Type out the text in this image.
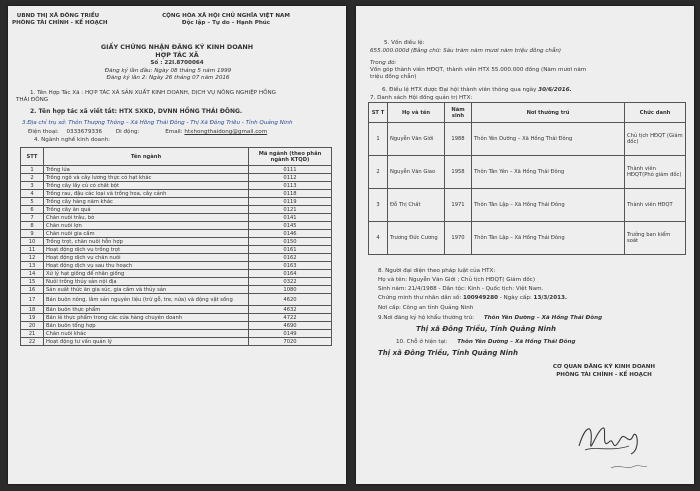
UBND THỊ XÃ ĐÔNG TRIỀU
PHÒNG TÀI CHÍNH - KẾ HOẠCH
CỘNG HÒA XÃ HỘI CHỦ NGHĨA VIỆT NAM
Độc lập – Tự do – Hạnh Phúc
GIẤY CHỨNG NHẬN ĐĂNG KÝ KINH DOANH
HỢP TÁC XÃ
Số : 22I.8700064
Đăng ký lần đầu: Ngày 08 tháng 5 năm 1999
Đăng ký lần 2: Ngày 26 tháng 07 năm 2016
1. Tên Hợp Tác Xã : HỢP TÁC XÃ SẢN XUẤT KINH DOANH, DỊCH VỤ NÔNG NGHIỆP HỒNG
THÁI ĐÔNG
2. Tên hợp tác xã viết tắt: HTX SXKD, DVNN HỒNG THÁI ĐÔNG.
3.Địa chỉ trụ sở: Thôn Thượng Thông – Xã Hồng Thái Đông - Thị Xã Đông Triều - Tỉnh Quảng Ninh
Điện thoại: 0333679336 Di động:	Email: htxhongthaidong@gmail.com
4. Ngành nghề kinh doanh:
STT	Tên ngành	Mã ngành (theo phân ngành KTQD)
1	Trồng lúa	0111
2	Trồng ngô và cây lương thực có hạt khác	0112
3	Trồng cây lấy củ có chất bột	0113
4	Trồng rau, đậu các loại và trồng hoa, cây cảnh	0118
5	Trồng cây hàng năm khác	0119
6	Trồng cây ăn quả	0121
7	Chăn nuôi trâu, bò	0141
8	Chăn nuôi lợn	0145
9	Chăn nuôi gia cầm	0146
10	Trồng trọt, chăn nuôi hỗn hợp	0150
11	Hoạt động dịch vụ trồng trọt	0161
12	Hoạt động dịch vụ chăn nuôi	0162
13	Hoạt động dịch vụ sau thu hoạch	0163
14	Xử lý hạt giống để nhân giống	0164
15	Nuôi trồng thủy sản nội địa	0322
16	Sản xuất thức ăn gia súc, gia cầm và thủy sản	1080
17	Bán buôn nông, lâm sản nguyên liệu (trừ gỗ, tre, nứa) và động vật sống	4620
18	Bán buôn thực phẩm	4632
19	Bán lẻ thực phẩm trong các cửa hàng chuyên doanh	4722
20	Bán buôn tổng hợp	4690
21	Chăn nuôi khác	0149
22	Hoạt động tư vấn quản lý	7020
5. Vốn điều lệ:
655.000.000đ (Bằng chữ: Sáu trăm năm mươi năm triệu đồng chẵn)
Trong đó:
Vốn góp thành viên HĐQT, thành viên HTX 55.000.000 đồng (Năm mươi năm triệu đồng chẵn)
6. Điều lệ HTX được Đại hội thành viên thông qua ngày 30/6/2016.
7. Danh sách Hội đồng quản trị HTX:
ST T	Họ và tên	Năm sinh	Nơi thường trú	Chức danh
1	Nguyễn Văn Giới	1988	Thôn Yên Dưỡng – Xã Hồng Thái Đông	Chủ tịch HĐQT (Giám đốc)
2	Nguyễn Văn Giao	1958	Thôn Tân Yên – Xã Hồng Thái Đông	Thành viên HĐQT(Phó giám đốc)
3	Đỗ Thị Chất	1971	Thôn Tân Lập – Xã Hồng Thái Đông	Thành viên HĐQT
4	Trương Đức Cương	1970	Thôn Tân Lập – Xã Hồng Thái Đông	Trưởng ban kiểm soát
8. Người đại diện theo pháp luật của HTX:
Họ và tên: Nguyễn Văn Giới ; Chủ tịch HĐQT( Giám đốc)
Sinh năm: 21/4/1988 - Dân tộc: Kinh - Quốc tịch: Việt Nam.
Chứng minh thư nhân dân số: 100949280 - Ngày cấp: 13/3/2013.
Nơi cấp: Công an tỉnh Quảng Ninh
9.Nơi đăng ký hộ khẩu thường trú: Thôn Yên Dưỡng – Xã Hồng Thái Đông
Thị xã Đông Triều, Tỉnh Quảng Ninh
10. Chỗ ở hiện tại: Thôn Yên Dưỡng – Xã Hồng Thái Đông
Thị xã Đông Triều, Tỉnh Quảng Ninh
CƠ QUAN ĐĂNG KÝ KINH DOANH
PHÒNG TÀI CHÍNH - KẾ HOẠCH
